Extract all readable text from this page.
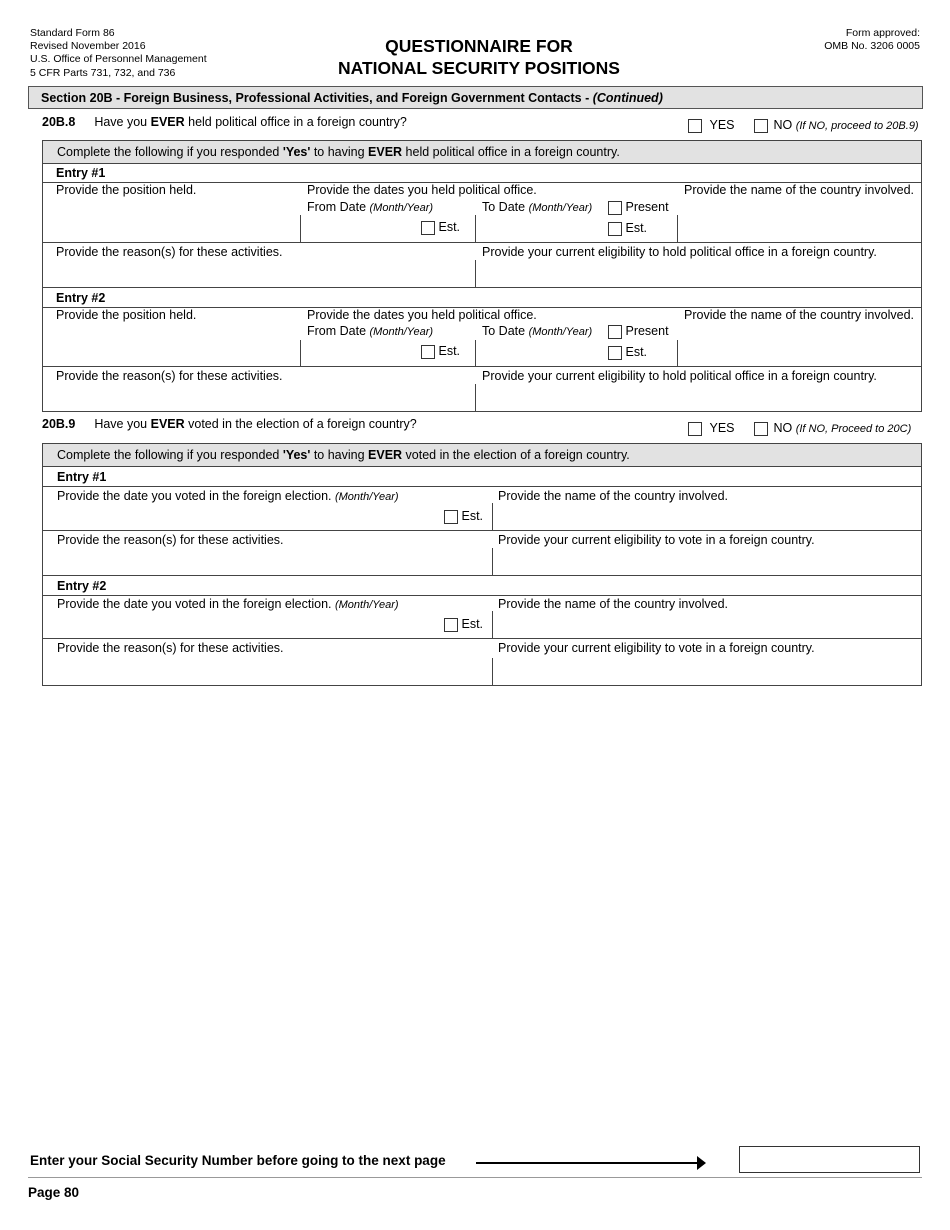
Standard Form 86
Revised November 2016
U.S. Office of Personnel Management
5 CFR Parts 731, 732, and 736
QUESTIONNAIRE FOR
NATIONAL SECURITY POSITIONS
Form approved:
OMB No. 3206 0005
Section 20B - Foreign Business, Professional Activities, and Foreign Government Contacts - (Continued)
20B.8 Have you EVER held political office in a foreign country?	YES	NO (If NO, proceed to 20B.9)
Complete the following if you responded 'Yes' to having EVER held political office in a foreign country.
Entry #1
Provide the position held.	Provide the dates you held political office.	Provide the name of the country involved.
From Date (Month/Year)	To Date (Month/Year)	Present
Est.	Est.
Provide the reason(s) for these activities.	Provide your current eligibility to hold political office in a foreign country.
Entry #2
Provide the position held.	Provide the dates you held political office.	Provide the name of the country involved.
From Date (Month/Year)	To Date (Month/Year)	Present
Est.	Est.
Provide the reason(s) for these activities.	Provide your current eligibility to hold political office in a foreign country.
20B.9 Have you EVER voted in the election of a foreign country?	YES	NO (If NO, Proceed to 20C)
Complete the following if you responded 'Yes' to having EVER voted in the election of a foreign country.
Entry #1
Provide the date you voted in the foreign election. (Month/Year)	Provide the name of the country involved.
Est.
Provide the reason(s) for these activities.	Provide your current eligibility to vote in a foreign country.
Entry #2
Provide the date you voted in the foreign election. (Month/Year)	Provide the name of the country involved.
Est.
Provide the reason(s) for these activities.	Provide your current eligibility to vote in a foreign country.
Enter your Social Security Number before going to the next page
Page 80
